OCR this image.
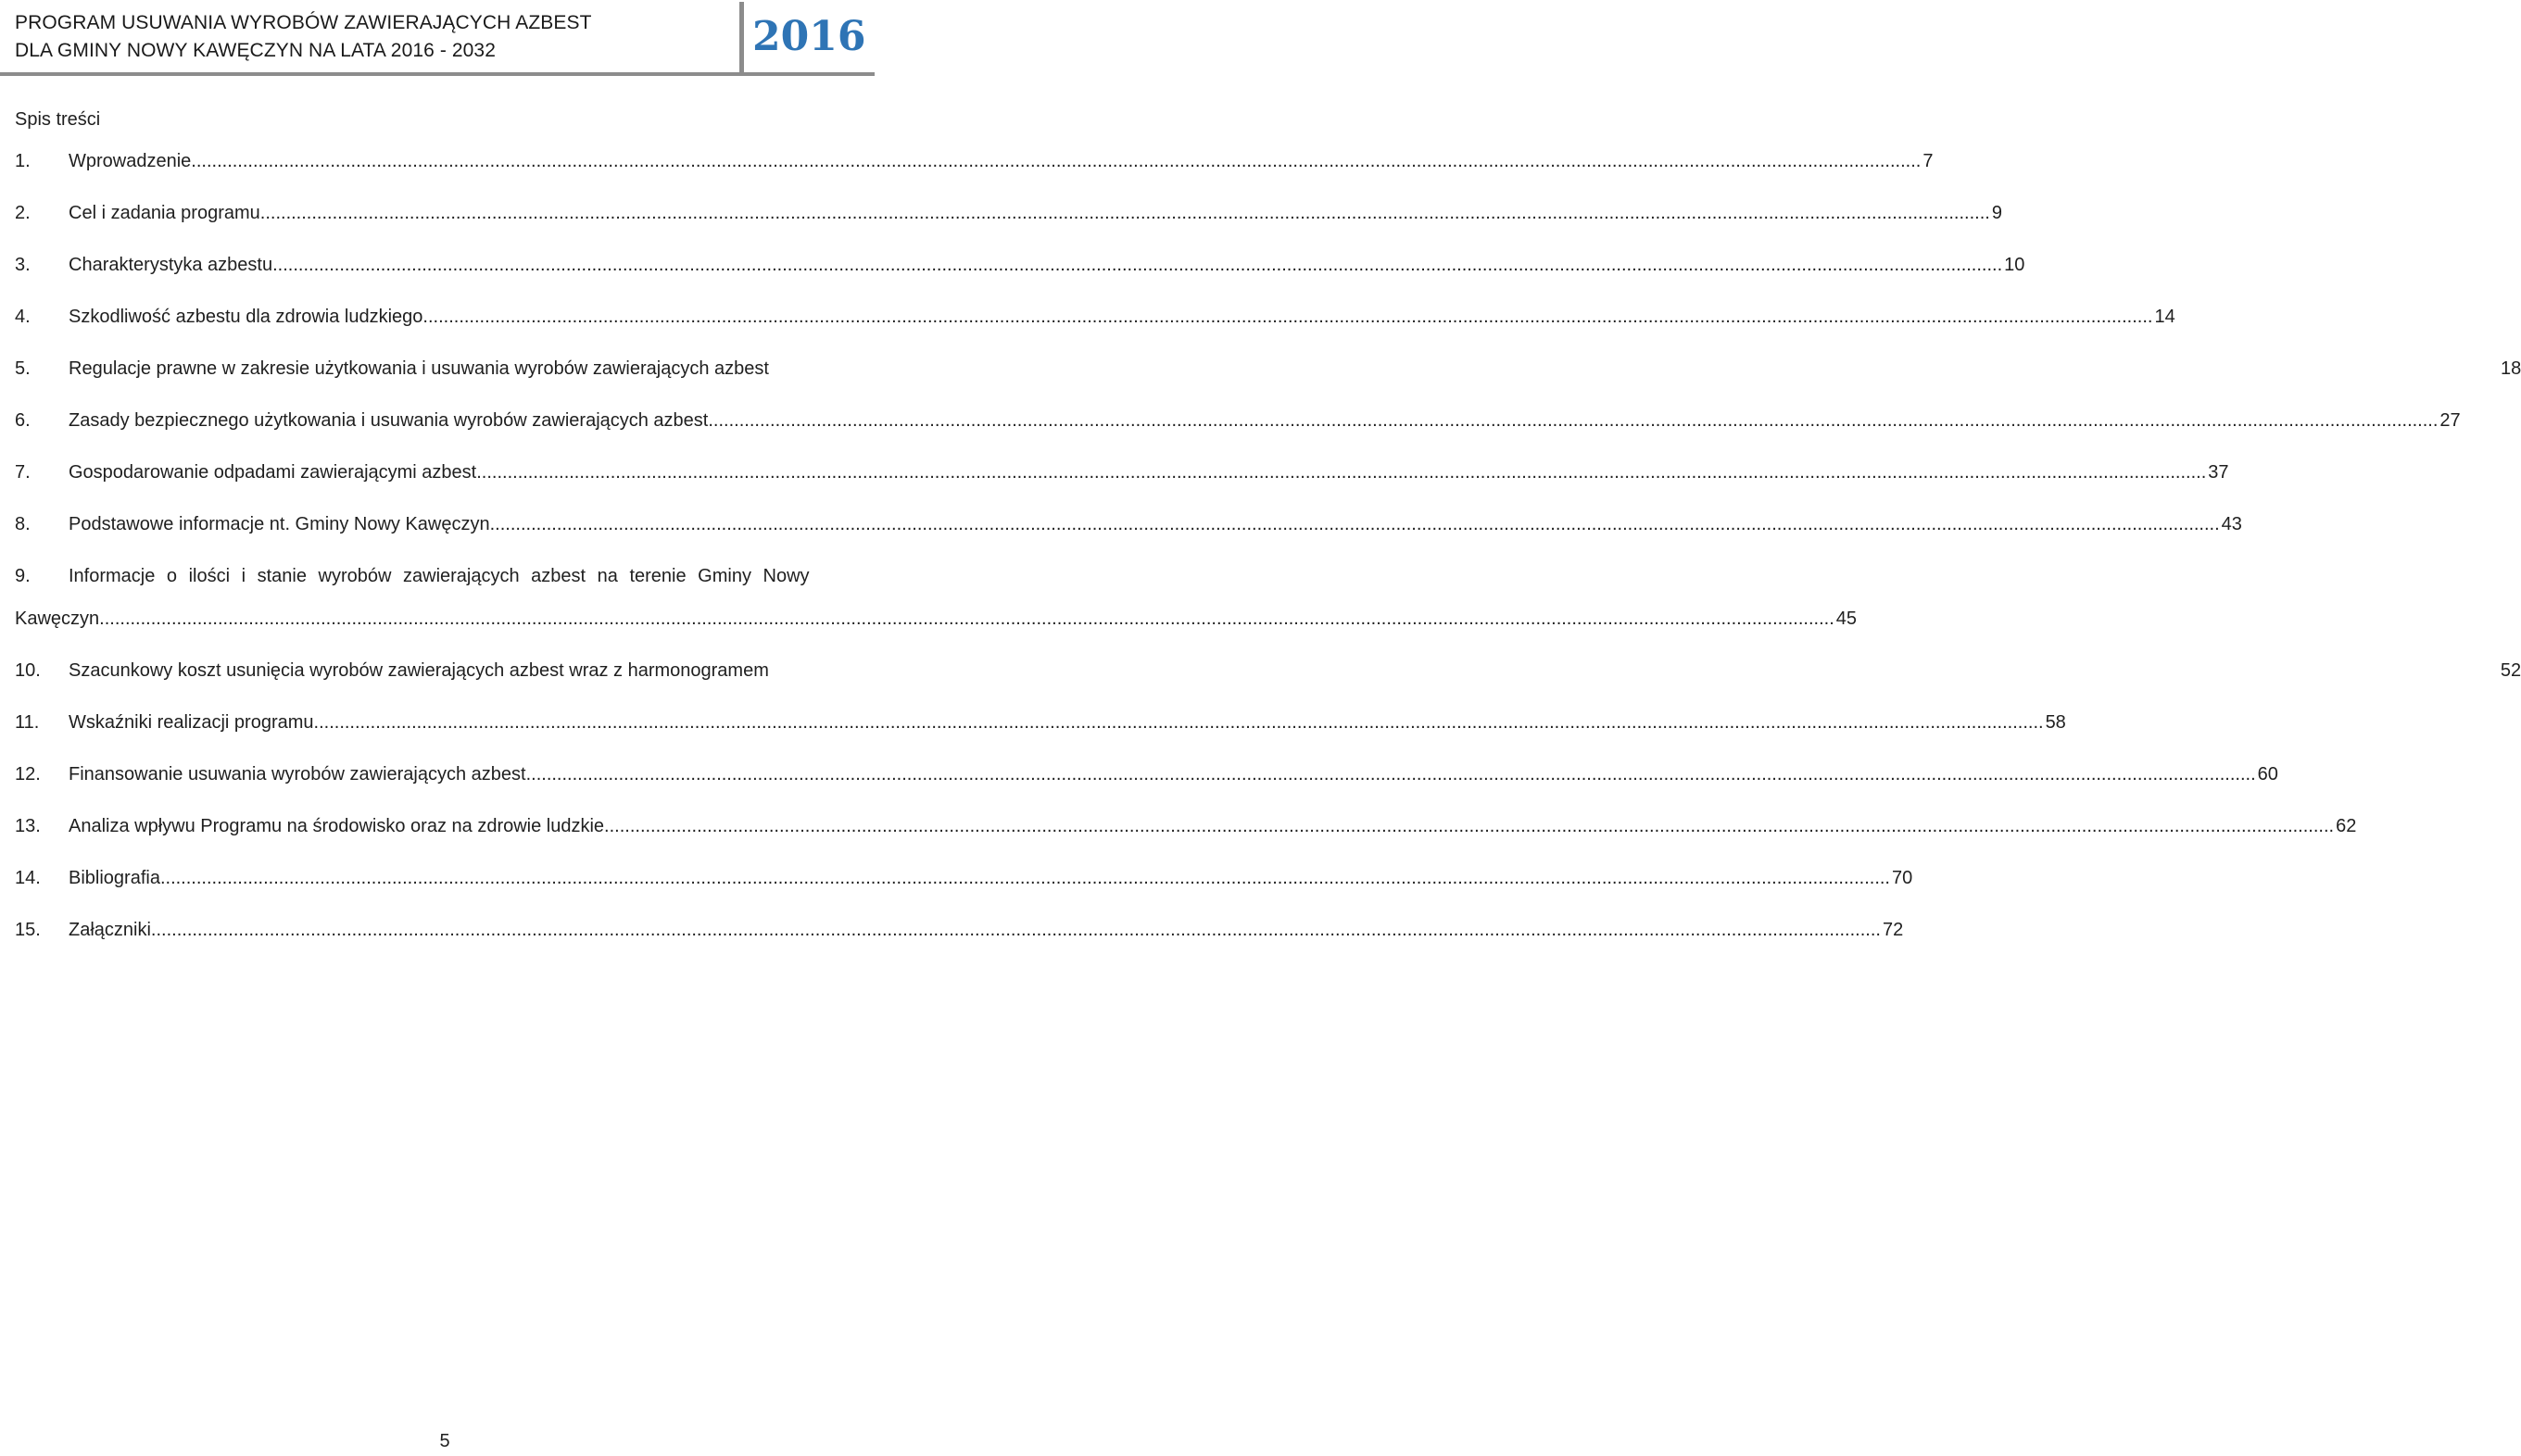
PROGRAM USUWANIA WYROBÓW ZAWIERAJĄCYCH AZBEST
DLA GMINY NOWY KAWĘCZYN NA LATA 2016 - 2032	2016
Spis treści
1.	Wprowadzenie .....	7
2.	Cel i zadania programu .....	9
3.	Charakterystyka azbestu .....	10
4.	Szkodliwość azbestu dla zdrowia ludzkiego .....	14
5.	Regulacje prawne w zakresie użytkowania i usuwania wyrobów zawierających azbest	18
6.	Zasady bezpiecznego użytkowania i usuwania wyrobów zawierających azbest .....	27
7.	Gospodarowanie odpadami zawierającymi azbest .....	37
8.	Podstawowe informacje nt. Gminy Nowy Kawęczyn .....	43
9.	Informacje o ilości i stanie wyrobów zawierających azbest na terenie Gminy Nowy
Kawęczyn. .....	45
10.	Szacunkowy koszt usunięcia wyrobów zawierających azbest wraz z harmonogramem	52
11.	Wskaźniki realizacji programu .....	58
12.	Finansowanie usuwania wyrobów zawierających azbest .....	60
13.	Analiza wpływu Programu na środowisko oraz na zdrowie ludzkie .....	62
14.	Bibliografia .....	70
15.	Załączniki .....	72
5
